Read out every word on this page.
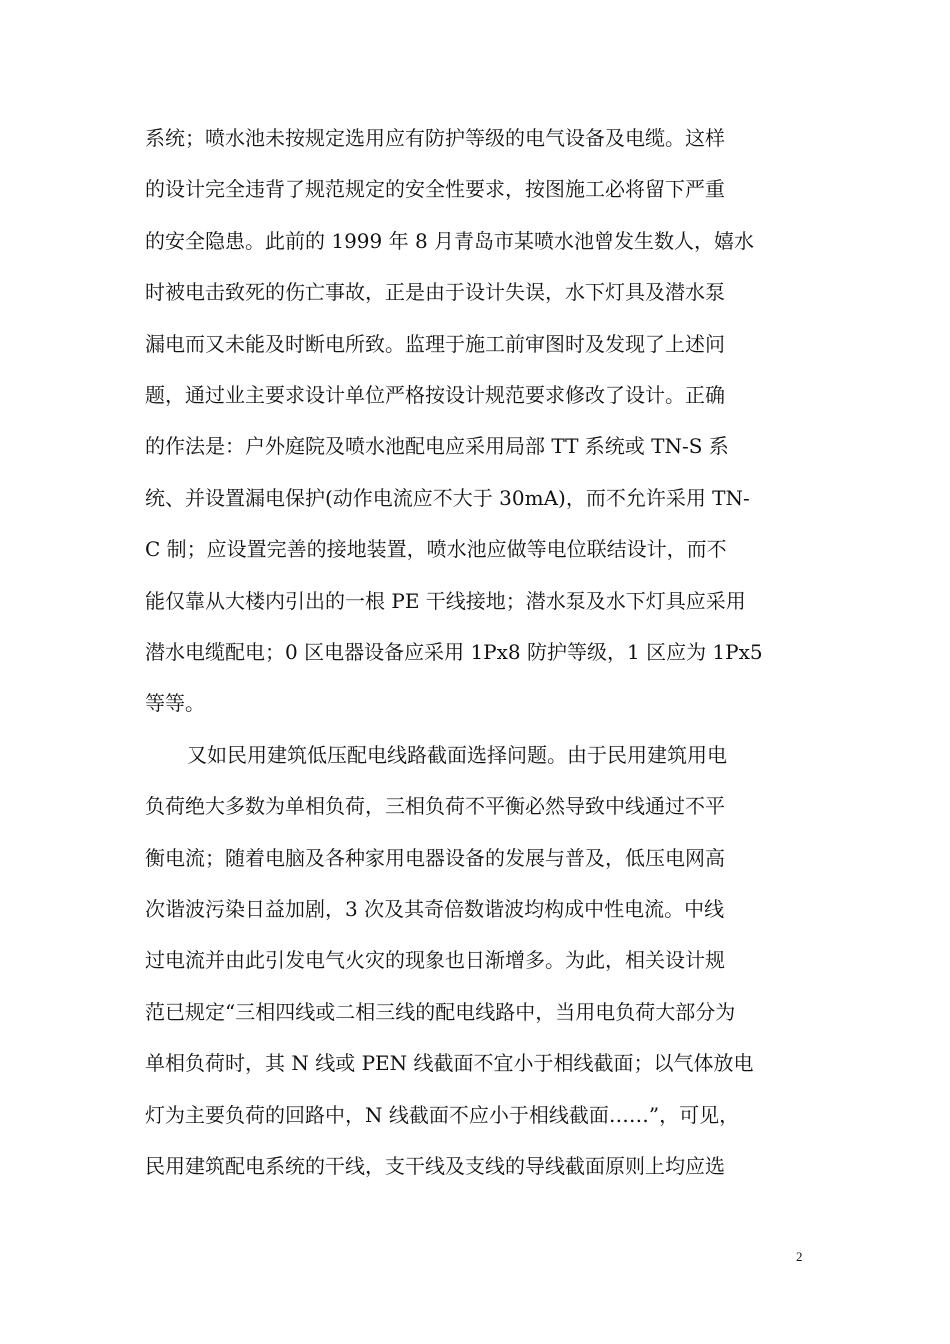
系统；喷水池未按规定选用应有防护等级的电气设备及电缆。这样
的设计完全违背了规范规定的安全性要求，按图施工必将留下严重
的安全隐患。此前的 1999 年 8 月青岛市某喷水池曾发生数人，嬉水
时被电击致死的伤亡事故，正是由于设计失误，水下灯具及潜水泵
漏电而又未能及时断电所致。监理于施工前审图时及发现了上述问
题，通过业主要求设计单位严格按设计规范要求修改了设计。正确
的作法是：户外庭院及喷水池配电应采用局部 TT 系统或 TN-S 系
统、并设置漏电保护(动作电流应不大于 30mA)，而不允许采用 TN-
C 制；应设置完善的接地装置，喷水池应做等电位联结设计，而不
能仅靠从大楼内引出的一根 PE 干线接地；潜水泵及水下灯具应采用
潜水电缆配电；0 区电器设备应采用 1Px8 防护等级，1 区应为 1Px5
等等。
又如民用建筑低压配电线路截面选择问题。由于民用建筑用电
负荷绝大多数为单相负荷，三相负荷不平衡必然导致中线通过不平
衡电流；随着电脑及各种家用电器设备的发展与普及，低压电网高
次谐波污染日益加剧，3 次及其奇倍数谐波均构成中性电流。中线
过电流并由此引发电气火灾的现象也日渐增多。为此，相关设计规
范已规定“三相四线或二相三线的配电线路中，当用电负荷大部分为
单相负荷时，其 N 线或 PEN 线截面不宜小于相线截面；以气体放电
灯为主要负荷的回路中，N 线截面不应小于相线截面……”，可见，
民用建筑配电系统的干线，支干线及支线的导线截面原则上均应选
2
